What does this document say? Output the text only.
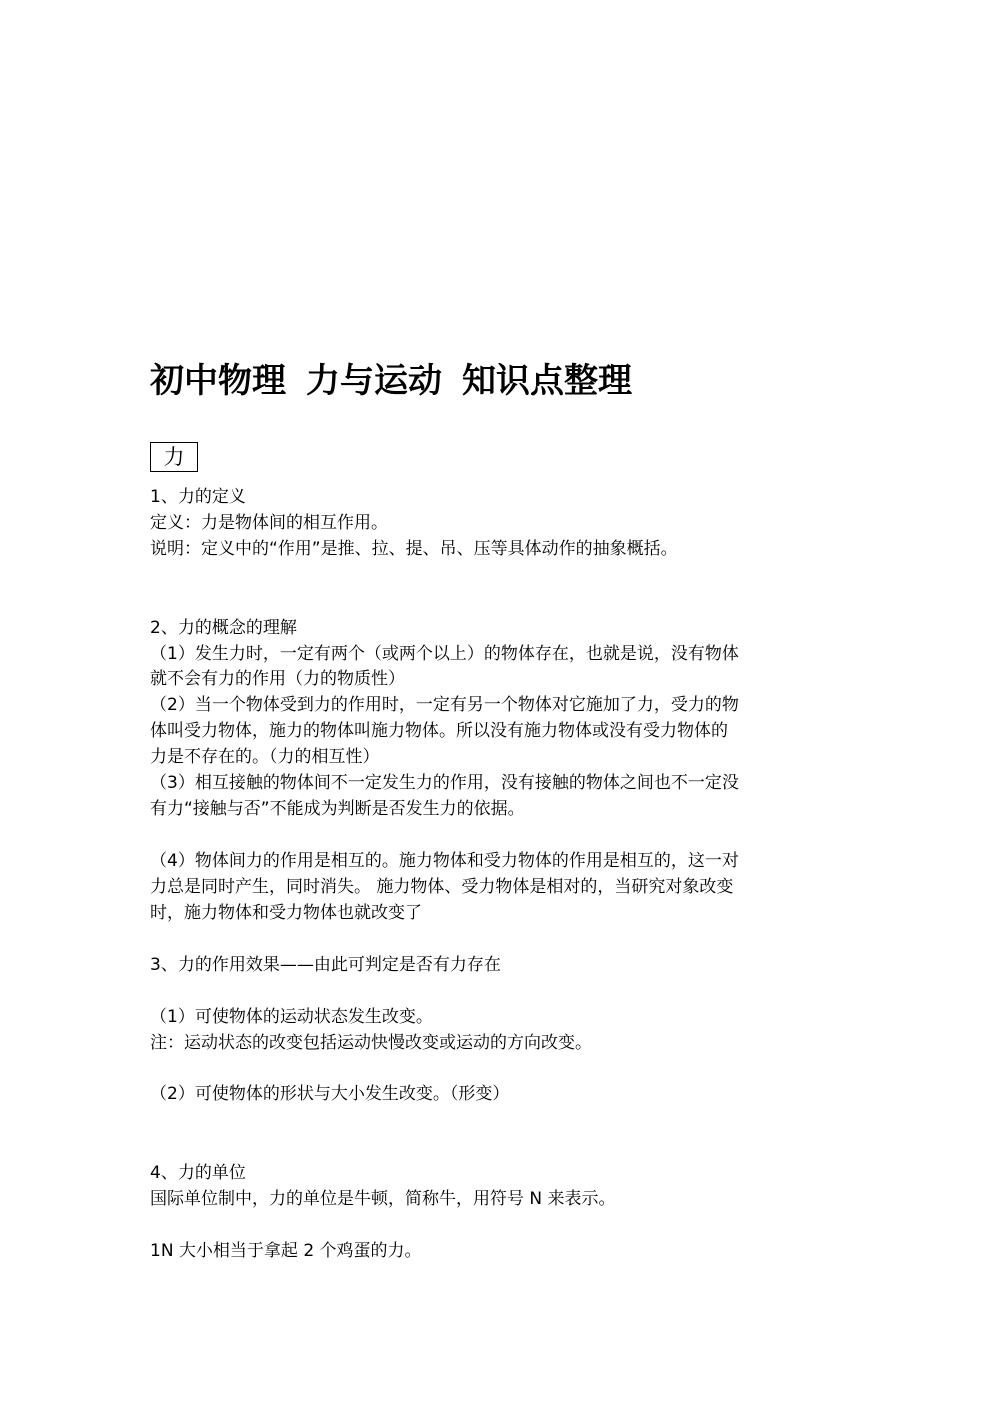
初中物理 力与运动 知识点整理
力
1、力的定义
定义：力是物体间的相互作用。
说明：定义中的“作用”是推、拉、提、吊、压等具体动作的抽象概括。
2、力的概念的理解
（1）发生力时，一定有两个（或两个以上）的物体存在，也就是说，没有物体
就不会有力的作用（力的物质性）
（2）当一个物体受到力的作用时，一定有另一个物体对它施加了力，受力的物
体叫受力物体，施力的物体叫施力物体。所以没有施力物体或没有受力物体的
力是不存在的。（力的相互性）
（3）相互接触的物体间不一定发生力的作用，没有接触的物体之间也不一定没
有力“接触与否”不能成为判断是否发生力的依据。
（4）物体间力的作用是相互的。施力物体和受力物体的作用是相互的，这一对
力总是同时产生，同时消失。 施力物体、受力物体是相对的，当研究对象改变
时，施力物体和受力物体也就改变了
3、力的作用效果——由此可判定是否有力存在
（1）可使物体的运动状态发生改变。
注：运动状态的改变包括运动快慢改变或运动的方向改变。
（2）可使物体的形状与大小发生改变。（形变）
4、力的单位
国际单位制中，力的单位是牛顿，简称牛，用符号 N 来表示。
1N 大小相当于拿起 2 个鸡蛋的力。
